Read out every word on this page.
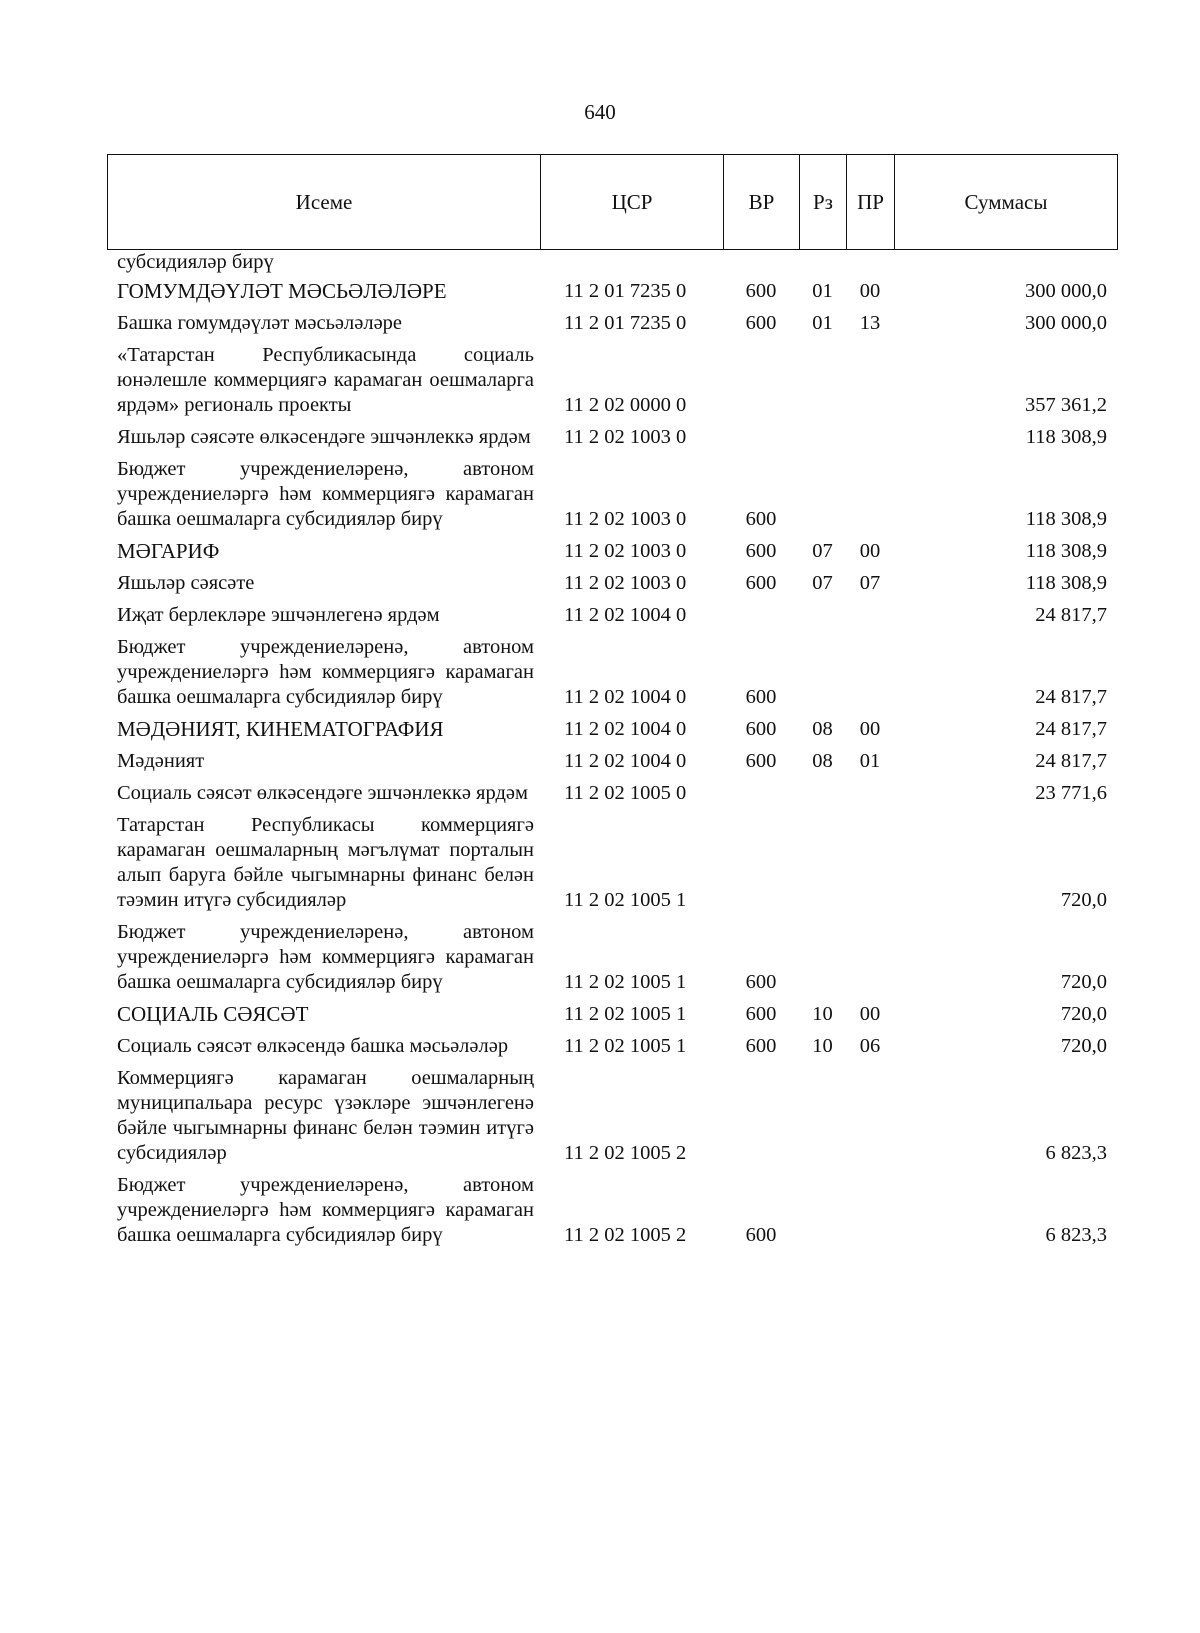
640
Исеме	ЦСР	ВР	Рз	ПР	Суммасы
субсидияләр бирү					
ГОМУМДӘҮЛӘТ МӘСЬӘЛӘЛӘРЕ	11 2 01 7235 0	600	01	00	300 000,0
Башка гомумдәүләт мәсьәләләре	11 2 01 7235 0	600	01	13	300 000,0
«Татарстан Республикасында социаль юнәлешле коммерциягә карамаган оешмаларга ярдәм» региональ проекты	11 2 02 0000 0				357 361,2
Яшьләр сәясәте өлкәсендәге эшчәнлеккә ярдәм	11 2 02 1003 0				118 308,9
Бюджет учреждениеләренә, автоном учреждениеләргә һәм коммерциягә карамаган башка оешмаларга субсидияләр бирү	11 2 02 1003 0	600			118 308,9
МӘГАРИФ	11 2 02 1003 0	600	07	00	118 308,9
Яшьләр сәясәте	11 2 02 1003 0	600	07	07	118 308,9
Иҗат берлекләре эшчәнлегенә ярдәм	11 2 02 1004 0				24 817,7
Бюджет учреждениеләренә, автоном учреждениеләргә һәм коммерциягә карамаган башка оешмаларга субсидияләр бирү	11 2 02 1004 0	600			24 817,7
МӘДӘНИЯТ, КИНЕМАТОГРАФИЯ	11 2 02 1004 0	600	08	00	24 817,7
Мәдәният	11 2 02 1004 0	600	08	01	24 817,7
Социаль сәясәт өлкәсендәге эшчәнлеккә ярдәм	11 2 02 1005 0				23 771,6
Татарстан Республикасы коммерциягә карамаган оешмаларның мәгълүмат порталын алып баруга бәйле чыгымнарны финанс белән тәэмин итүгә субсидияләр	11 2 02 1005 1				720,0
Бюджет учреждениеләренә, автоном учреждениеләргә һәм коммерциягә карамаган башка оешмаларга субсидияләр бирү	11 2 02 1005 1	600			720,0
СОЦИАЛЬ СӘЯСӘТ	11 2 02 1005 1	600	10	00	720,0
Социаль сәясәт өлкәсендә башка мәсьәләләр	11 2 02 1005 1	600	10	06	720,0
Коммерциягә карамаган оешмаларның муниципальара ресурс үзәкләре эшчәнлегенә бәйле чыгымнарны финанс белән тәэмин итүгә субсидияләр	11 2 02 1005 2				6 823,3
Бюджет учреждениеләренә, автоном учреждениеләргә һәм коммерциягә карамаган башка оешмаларга субсидияләр бирү	11 2 02 1005 2	600			6 823,3
